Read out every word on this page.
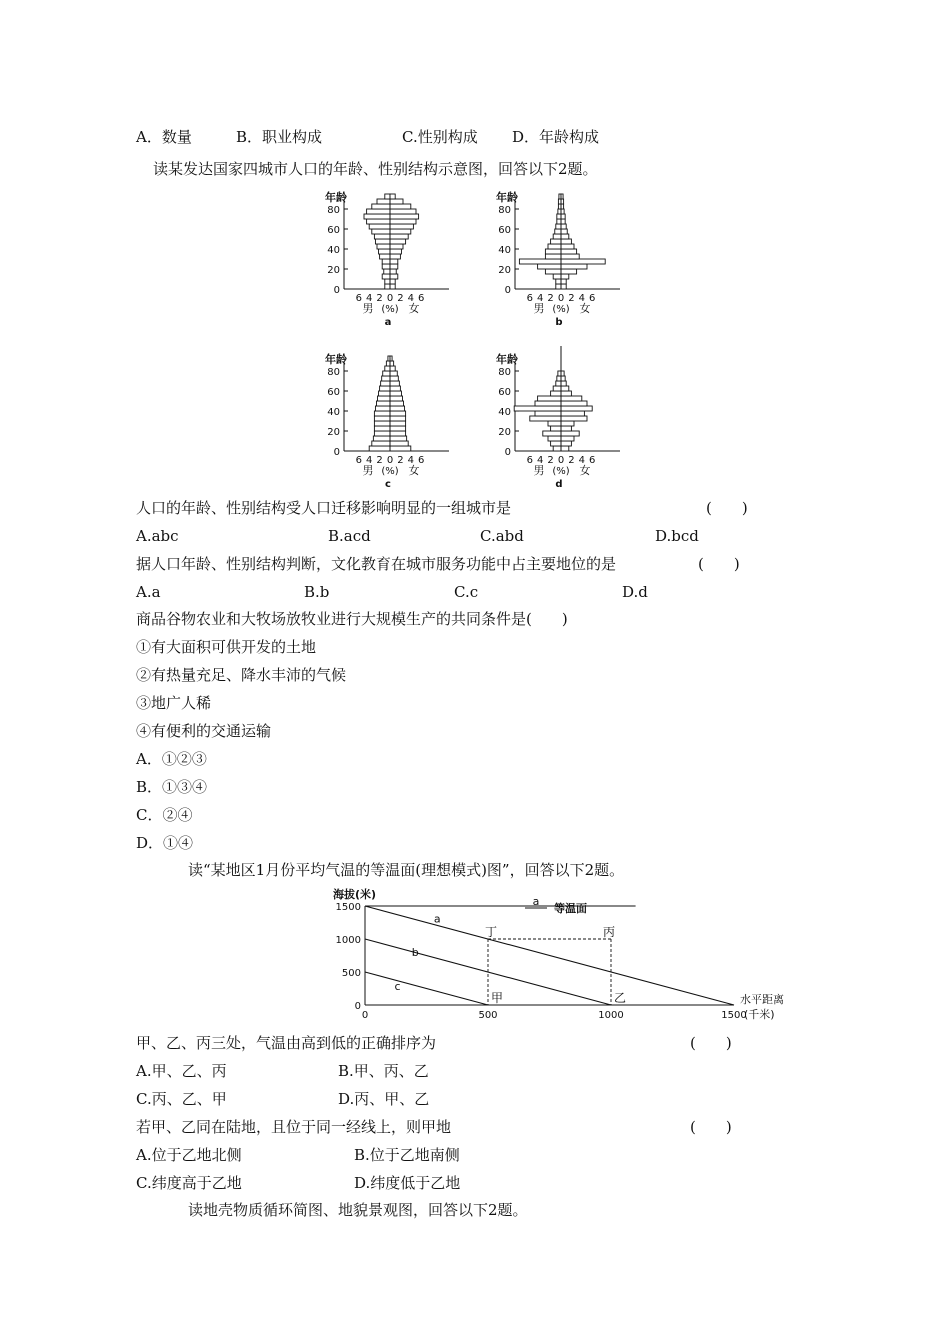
A．数量	B．职业构成	C.性别构成 D．年龄构成
读某发达国家四城市人口的年龄、性别结构示意图，回答以下2题。
年龄
80
60
40
20
0
6 4 2 0 2 4 6
男 (%) 女
a
年龄
80
60
40
20
0
6 4 2 0 2 4 6
男 (%) 女
b
年龄
80
60
40
20
0
6 4 2 0 2 4 6
男 (%) 女
c
年龄
80
60
40
20
0
6 4 2 0 2 4 6
男 (%) 女
d
人口的年龄、性别结构受人口迁移影响明显的一组城市是	(　　)
A.abc	B.acd	C.abd	D.bcd
据人口年龄、性别结构判断，文化教育在城市服务功能中占主要地位的是	(　　)
A.a	B.b	C.c	D.d
商品谷物农业和大牧场放牧业进行大规模生产的共同条件是(　　)
①有大面积可供开发的土地
②有热量充足、降水丰沛的气候
③地广人稀
④有便利的交通运输
A．①②③
B．①③④
C．②④
D．①④
读“某地区1月份平均气温的等温面(理想模式)图”，回答以下2题。
海拔(米)
1500
1000
500
0
500	1000	1500
0
水平距离
(千米)
a
b
c
丁	丙
甲	乙
a
等温面
甲、乙、丙三处，气温由高到低的正确排序为	(　　)
A.甲、乙、丙	B.甲、丙、乙
C.丙、乙、甲	D.丙、甲、乙
若甲、乙同在陆地，且位于同一经线上，则甲地	(　　)
A.位于乙地北侧	B.位于乙地南侧
C.纬度高于乙地	D.纬度低于乙地
读地壳物质循环简图、地貌景观图，回答以下2题。
